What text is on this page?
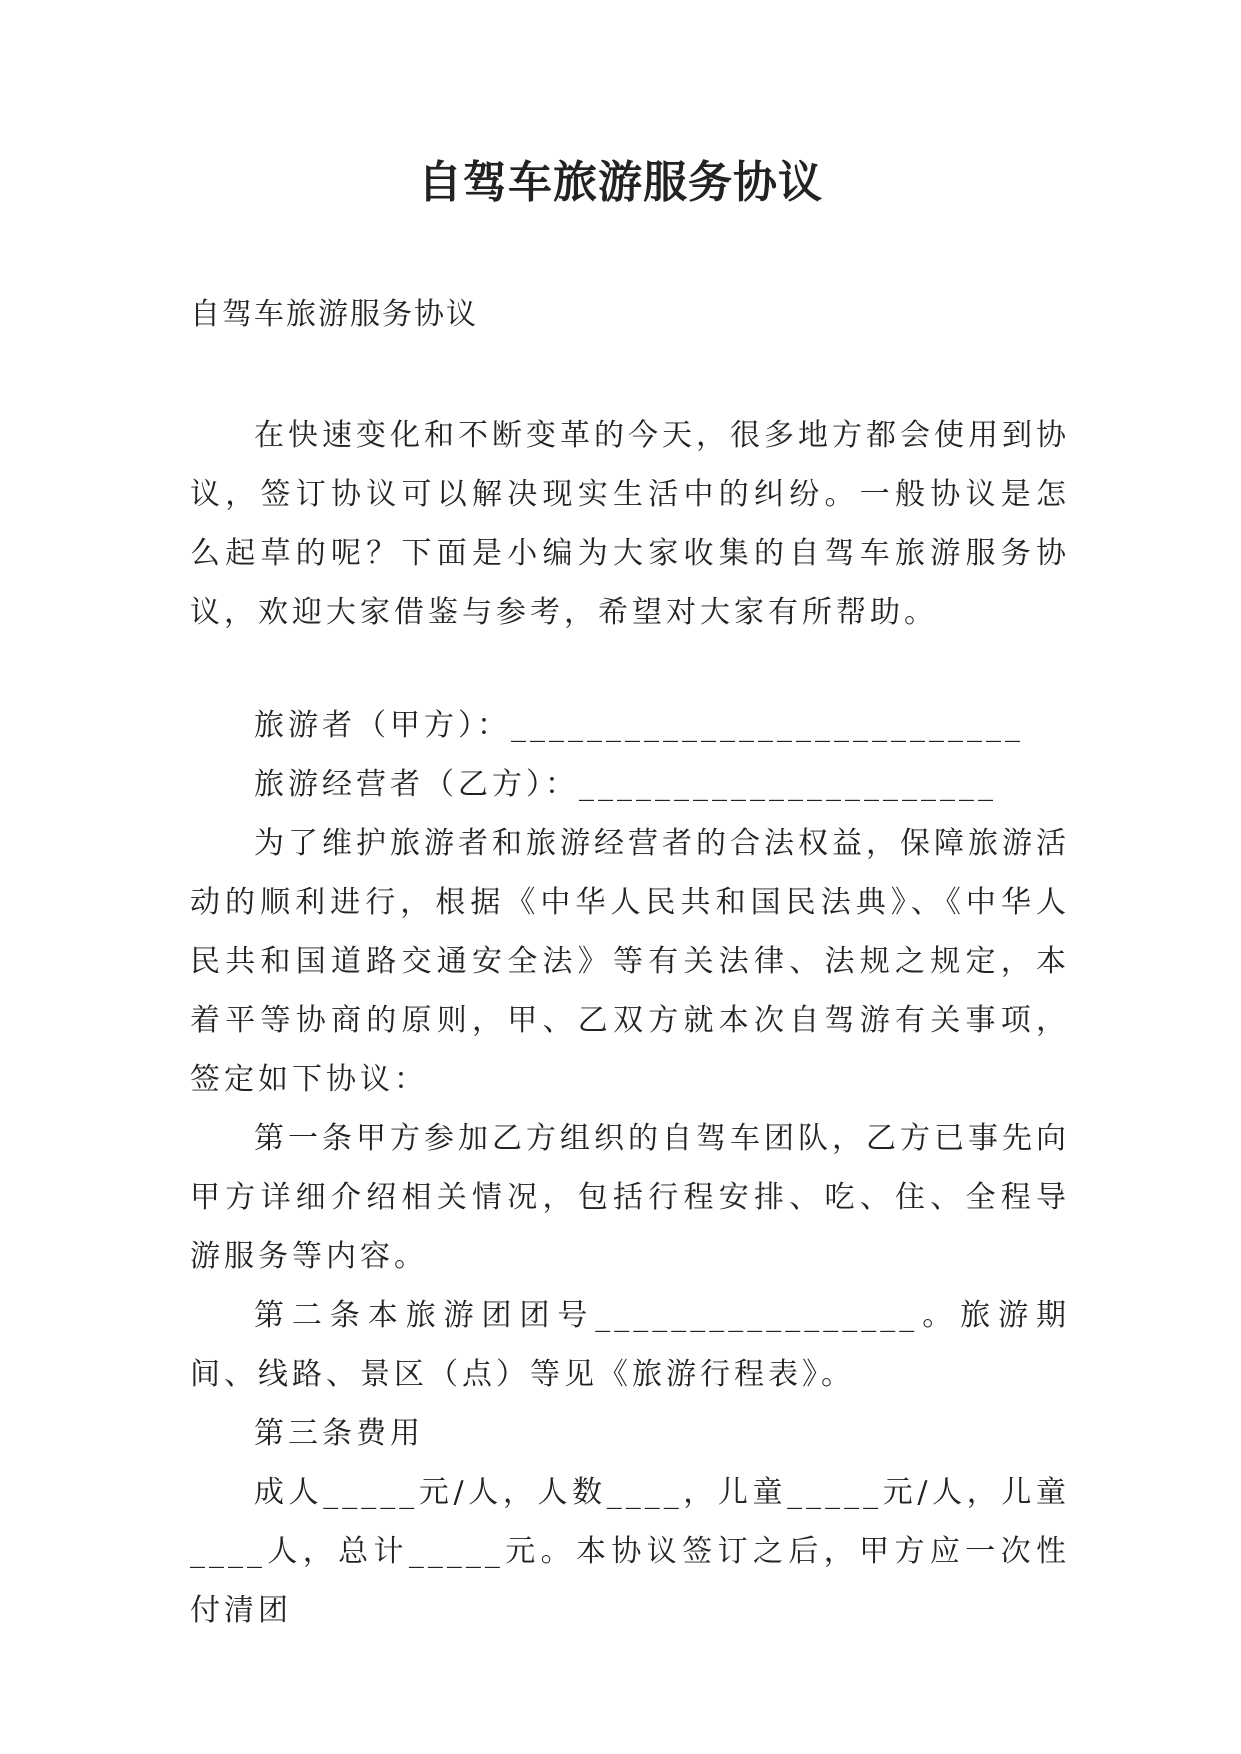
自驾车旅游服务协议
自驾车旅游服务协议

在快速变化和不断变革的今天，很多地方都会使用到协议，签订协议可以解决现实生活中的纠纷。一般协议是怎么起草的呢？下面是小编为大家收集的自驾车旅游服务协议，欢迎大家借鉴与参考，希望对大家有所帮助。

旅游者（甲方）：___________________________

旅游经营者（乙方）：______________________

为了维护旅游者和旅游经营者的合法权益，保障旅游活动的顺利进行，根据《中华人民共和国民法典》、《中华人民共和国道路交通安全法》等有关法律、法规之规定，本着平等协商的原则，甲、乙双方就本次自驾游有关事项，签定如下协议：

第一条甲方参加乙方组织的自驾车团队，乙方已事先向甲方详细介绍相关情况，包括行程安排、吃、住、全程导游服务等内容。

第二条本旅游团团号_________________。旅游期间、线路、景区（点）等见《旅游行程表》。

第三条费用

成人_____元/人，人数____，儿童_____元/人，儿童____人，总计_____元。本协议签订之后，甲方应一次性付清团
